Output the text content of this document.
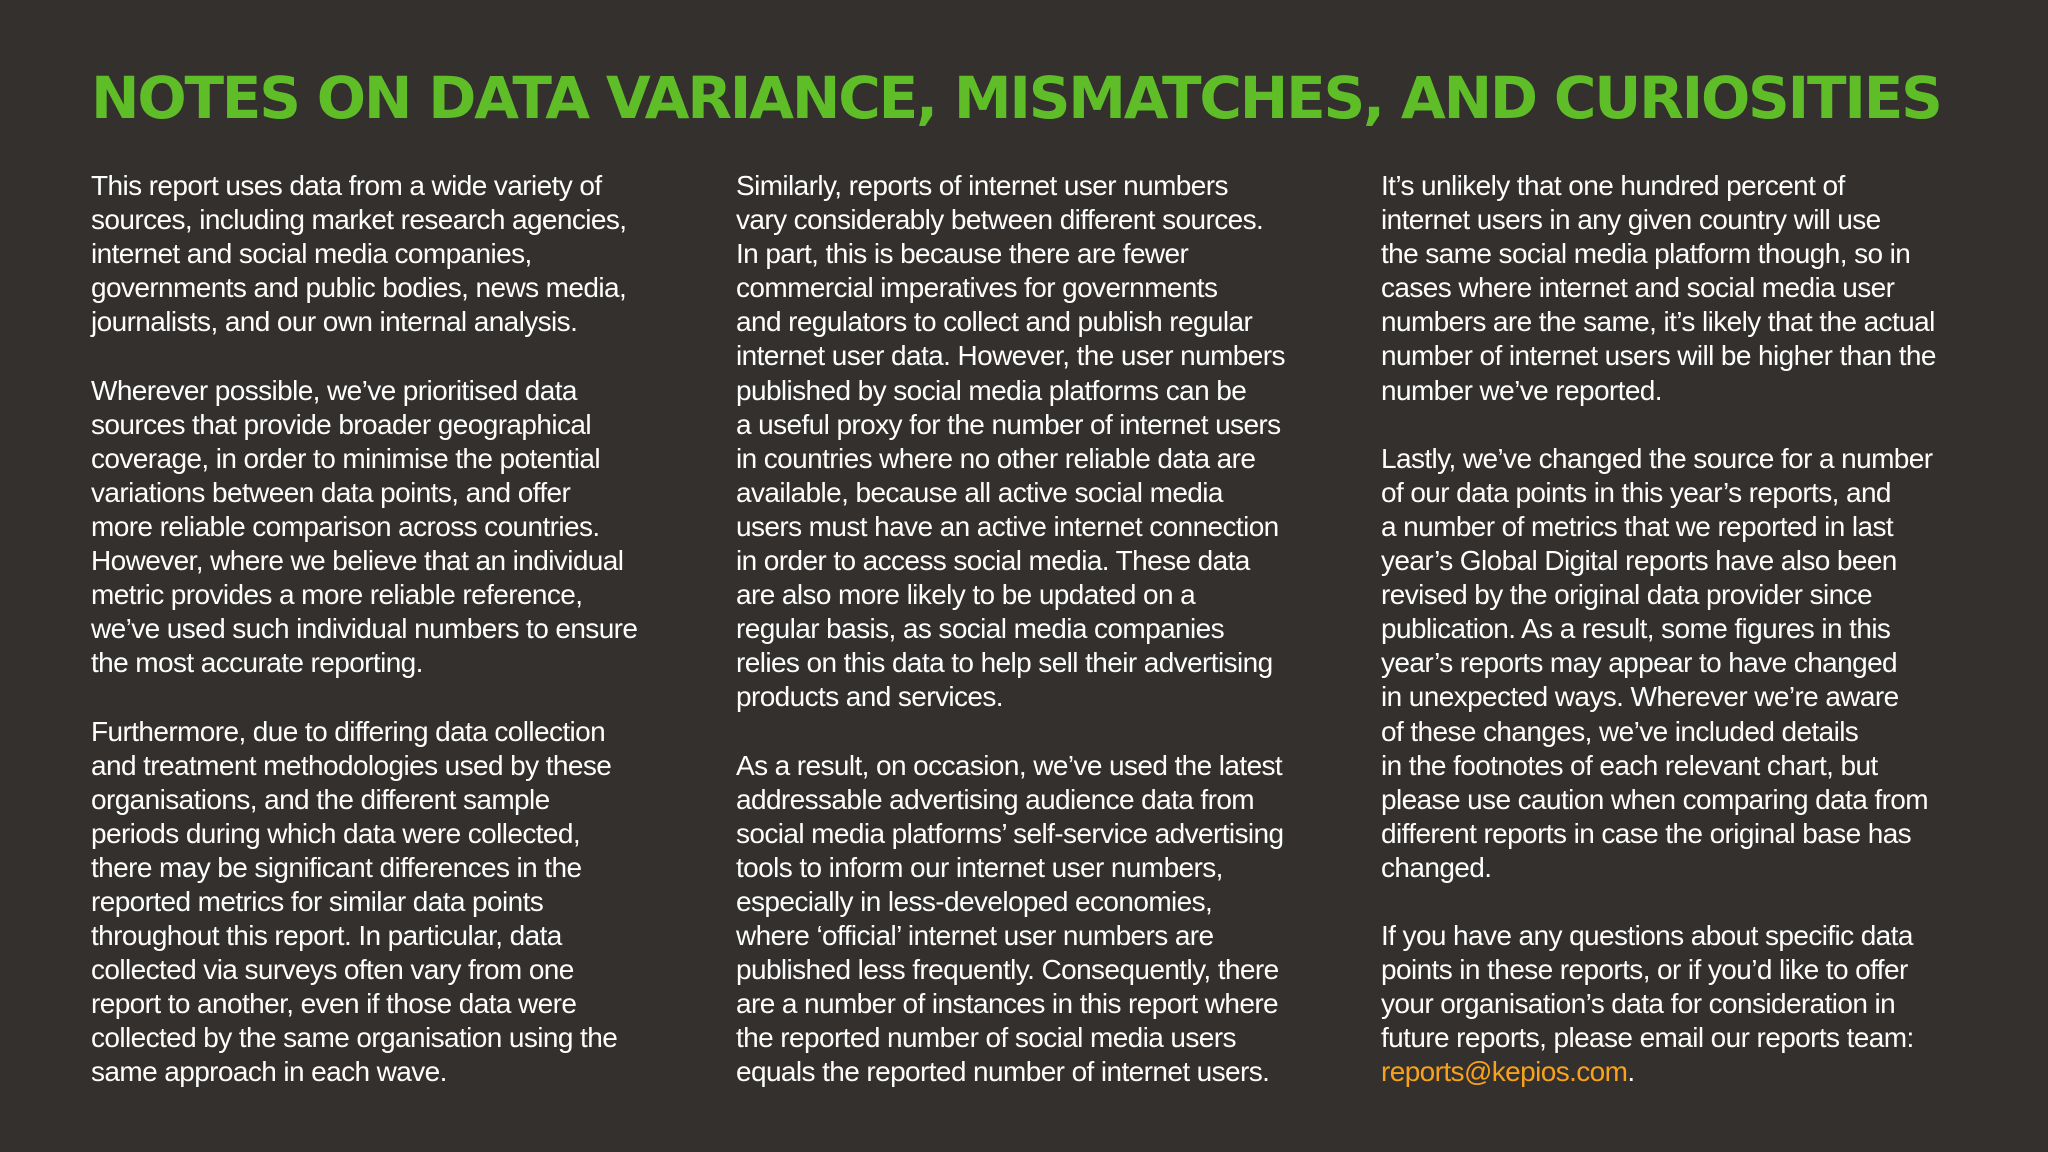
NOTES ON DATA VARIANCE, MISMATCHES, AND CURIOSITIES

This report uses data from a wide variety of
sources, including market research agencies,
internet and social media companies,
governments and public bodies, news media,
journalists, and our own internal analysis.

Wherever possible, we’ve prioritised data
sources that provide broader geographical
coverage, in order to minimise the potential
variations between data points, and offer
more reliable comparison across countries.
However, where we believe that an individual
metric provides a more reliable reference,
we’ve used such individual numbers to ensure
the most accurate reporting.

Furthermore, due to differing data collection
and treatment methodologies used by these
organisations, and the different sample
periods during which data were collected,
there may be significant differences in the
reported metrics for similar data points
throughout this report. In particular, data
collected via surveys often vary from one
report to another, even if those data were
collected by the same organisation using the
same approach in each wave.

Similarly, reports of internet user numbers
vary considerably between different sources.
In part, this is because there are fewer
commercial imperatives for governments
and regulators to collect and publish regular
internet user data. However, the user numbers
published by social media platforms can be
a useful proxy for the number of internet users
in countries where no other reliable data are
available, because all active social media
users must have an active internet connection
in order to access social media. These data
are also more likely to be updated on a
regular basis, as social media companies
relies on this data to help sell their advertising
products and services.

As a result, on occasion, we’ve used the latest
addressable advertising audience data from
social media platforms’ self-service advertising
tools to inform our internet user numbers,
especially in less-developed economies,
where ‘official’ internet user numbers are
published less frequently. Consequently, there
are a number of instances in this report where
the reported number of social media users
equals the reported number of internet users.

It’s unlikely that one hundred percent of
internet users in any given country will use
the same social media platform though, so in
cases where internet and social media user
numbers are the same, it’s likely that the actual
number of internet users will be higher than the
number we’ve reported.

Lastly, we’ve changed the source for a number
of our data points in this year’s reports, and
a number of metrics that we reported in last
year’s Global Digital reports have also been
revised by the original data provider since
publication. As a result, some figures in this
year’s reports may appear to have changed
in unexpected ways. Wherever we’re aware
of these changes, we’ve included details
in the footnotes of each relevant chart, but
please use caution when comparing data from
different reports in case the original base has
changed.

If you have any questions about specific data
points in these reports, or if you’d like to offer
your organisation’s data for consideration in
future reports, please email our reports team:
reports@kepios.com.
